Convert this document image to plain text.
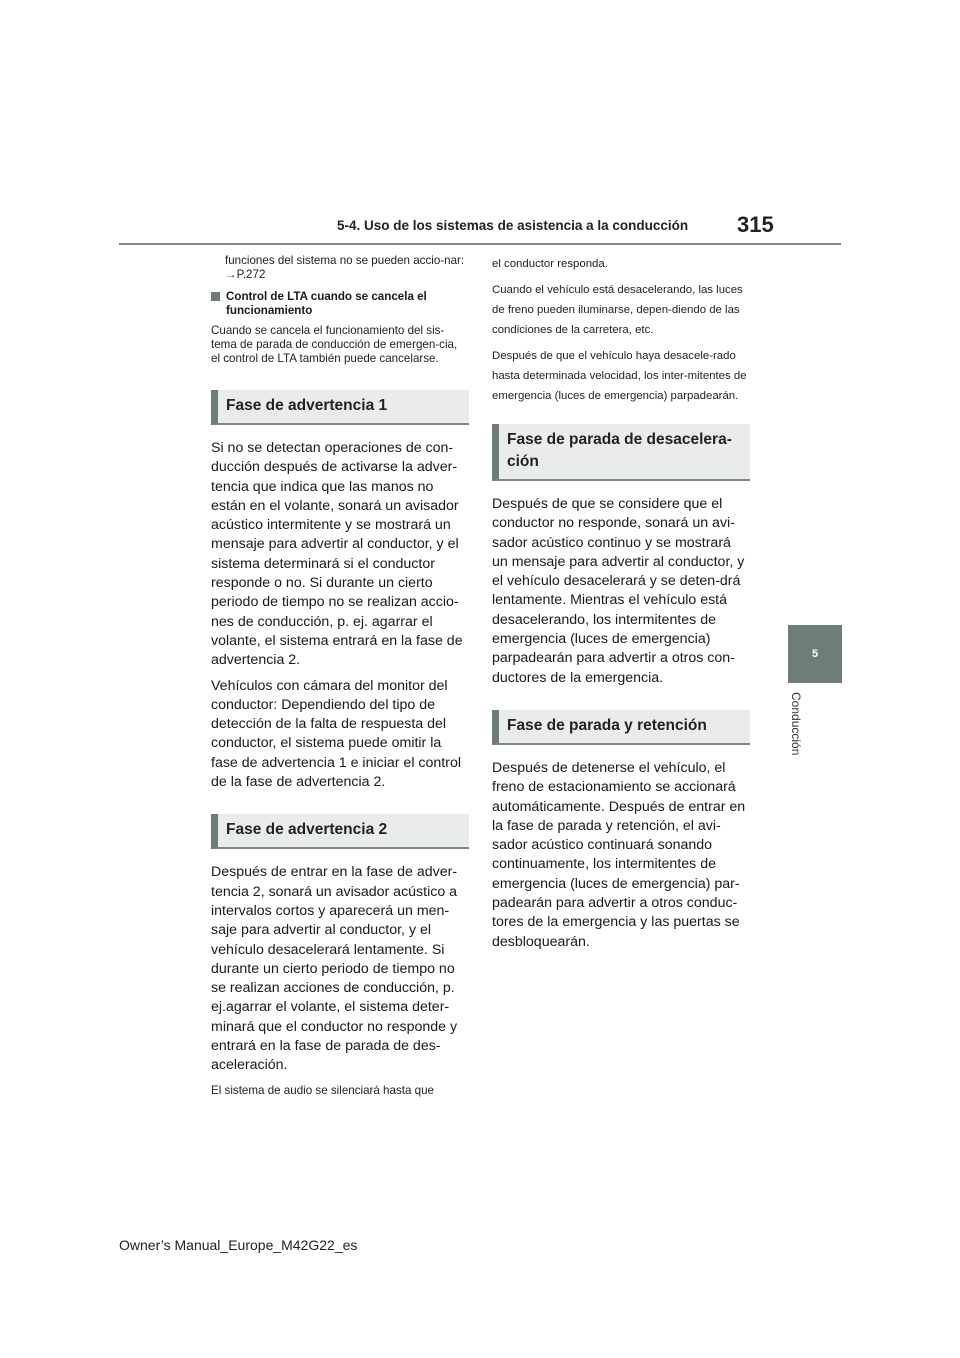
5-4. Uso de los sistemas de asistencia a la conducción 315
5
Conducción

funciones del sistema no se pueden accio-nar: →P.272

Control de LTA cuando se cancela el funcionamiento

Cuando se cancela el funcionamiento del sis-tema de parada de conducción de emergen-cia, el control de LTA también puede cancelarse.

Fase de advertencia 1

Si no se detectan operaciones de con-ducción después de activarse la adver-tencia que indica que las manos no están en el volante, sonará un avisador acústico intermitente y se mostrará un mensaje para advertir al conductor, y el sistema determinará si el conductor responde o no. Si durante un cierto periodo de tiempo no se realizan accio-nes de conducción, p. ej. agarrar el volante, el sistema entrará en la fase de advertencia 2.

Vehículos con cámara del monitor del conductor: Dependiendo del tipo de detección de la falta de respuesta del conductor, el sistema puede omitir la fase de advertencia 1 e iniciar el control de la fase de advertencia 2.

Fase de advertencia 2

Después de entrar en la fase de adver-tencia 2, sonará un avisador acústico a intervalos cortos y aparecerá un men-saje para advertir al conductor, y el vehículo desacelerará lentamente. Si durante un cierto periodo de tiempo no se realizan acciones de conducción, p. ej.agarrar el volante, el sistema deter-minará que el conductor no responde y entrará en la fase de parada de des-aceleración.

El sistema de audio se silenciará hasta que

el conductor responda.

Cuando el vehículo está desacelerando, las luces de freno pueden iluminarse, depen-diendo de las condiciones de la carretera, etc.

Después de que el vehículo haya desacele-rado hasta determinada velocidad, los inter-mitentes de emergencia (luces de emergencia) parpadearán.

Fase de parada de desacelera-ción

Después de que se considere que el conductor no responde, sonará un avi-sador acústico continuo y se mostrará un mensaje para advertir al conductor, y el vehículo desacelerará y se deten-drá lentamente. Mientras el vehículo está desacelerando, los intermitentes de emergencia (luces de emergencia) parpadearán para advertir a otros con-ductores de la emergencia.

Fase de parada y retención

Después de detenerse el vehículo, el freno de estacionamiento se accionará automáticamente. Después de entrar en la fase de parada y retención, el avi-sador acústico continuará sonando continuamente, los intermitentes de emergencia (luces de emergencia) par-padearán para advertir a otros conduc-tores de la emergencia y las puertas se desbloquearán.

Owner’s Manual_Europe_M42G22_es
